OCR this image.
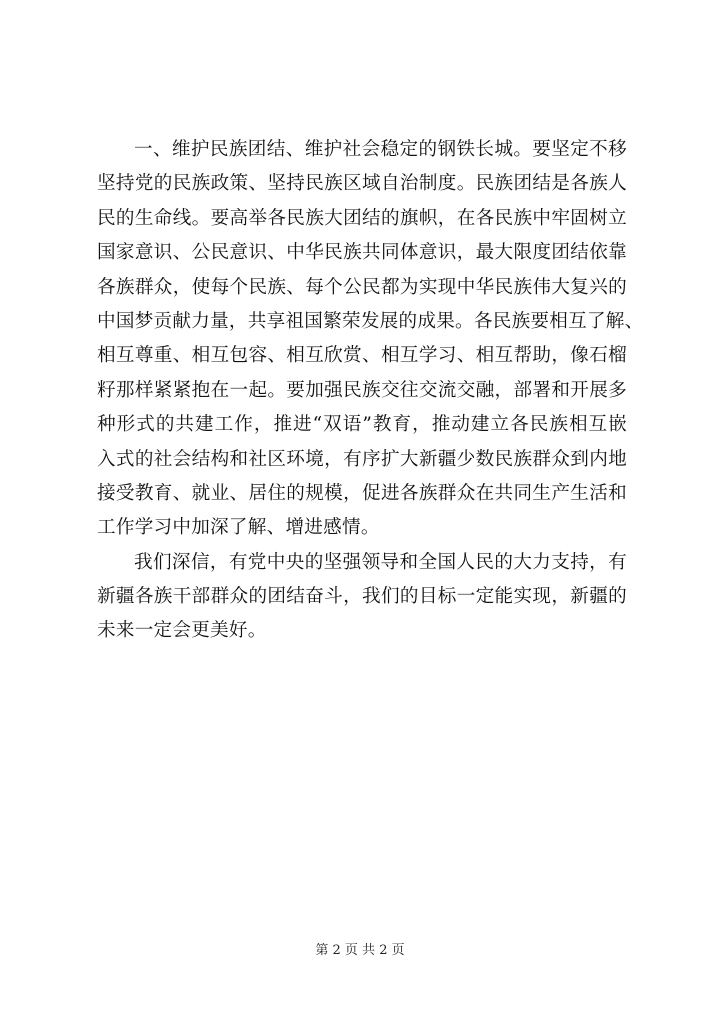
一、维护民族团结、维护社会稳定的钢铁长城。要坚定不移
坚持党的民族政策、坚持民族区域自治制度。民族团结是各族人
民的生命线。要高举各民族大团结的旗帜，在各民族中牢固树立
国家意识、公民意识、中华民族共同体意识，最大限度团结依靠
各族群众，使每个民族、每个公民都为实现中华民族伟大复兴的
中国梦贡献力量，共享祖国繁荣发展的成果。各民族要相互了解、
相互尊重、相互包容、相互欣赏、相互学习、相互帮助，像石榴
籽那样紧紧抱在一起。要加强民族交往交流交融，部署和开展多
种形式的共建工作，推进“双语”教育，推动建立各民族相互嵌
入式的社会结构和社区环境，有序扩大新疆少数民族群众到内地
接受教育、就业、居住的规模，促进各族群众在共同生产生活和
工作学习中加深了解、增进感情。
我们深信，有党中央的坚强领导和全国人民的大力支持，有
新疆各族干部群众的团结奋斗，我们的目标一定能实现，新疆的
未来一定会更美好。
第 2 页 共 2 页
